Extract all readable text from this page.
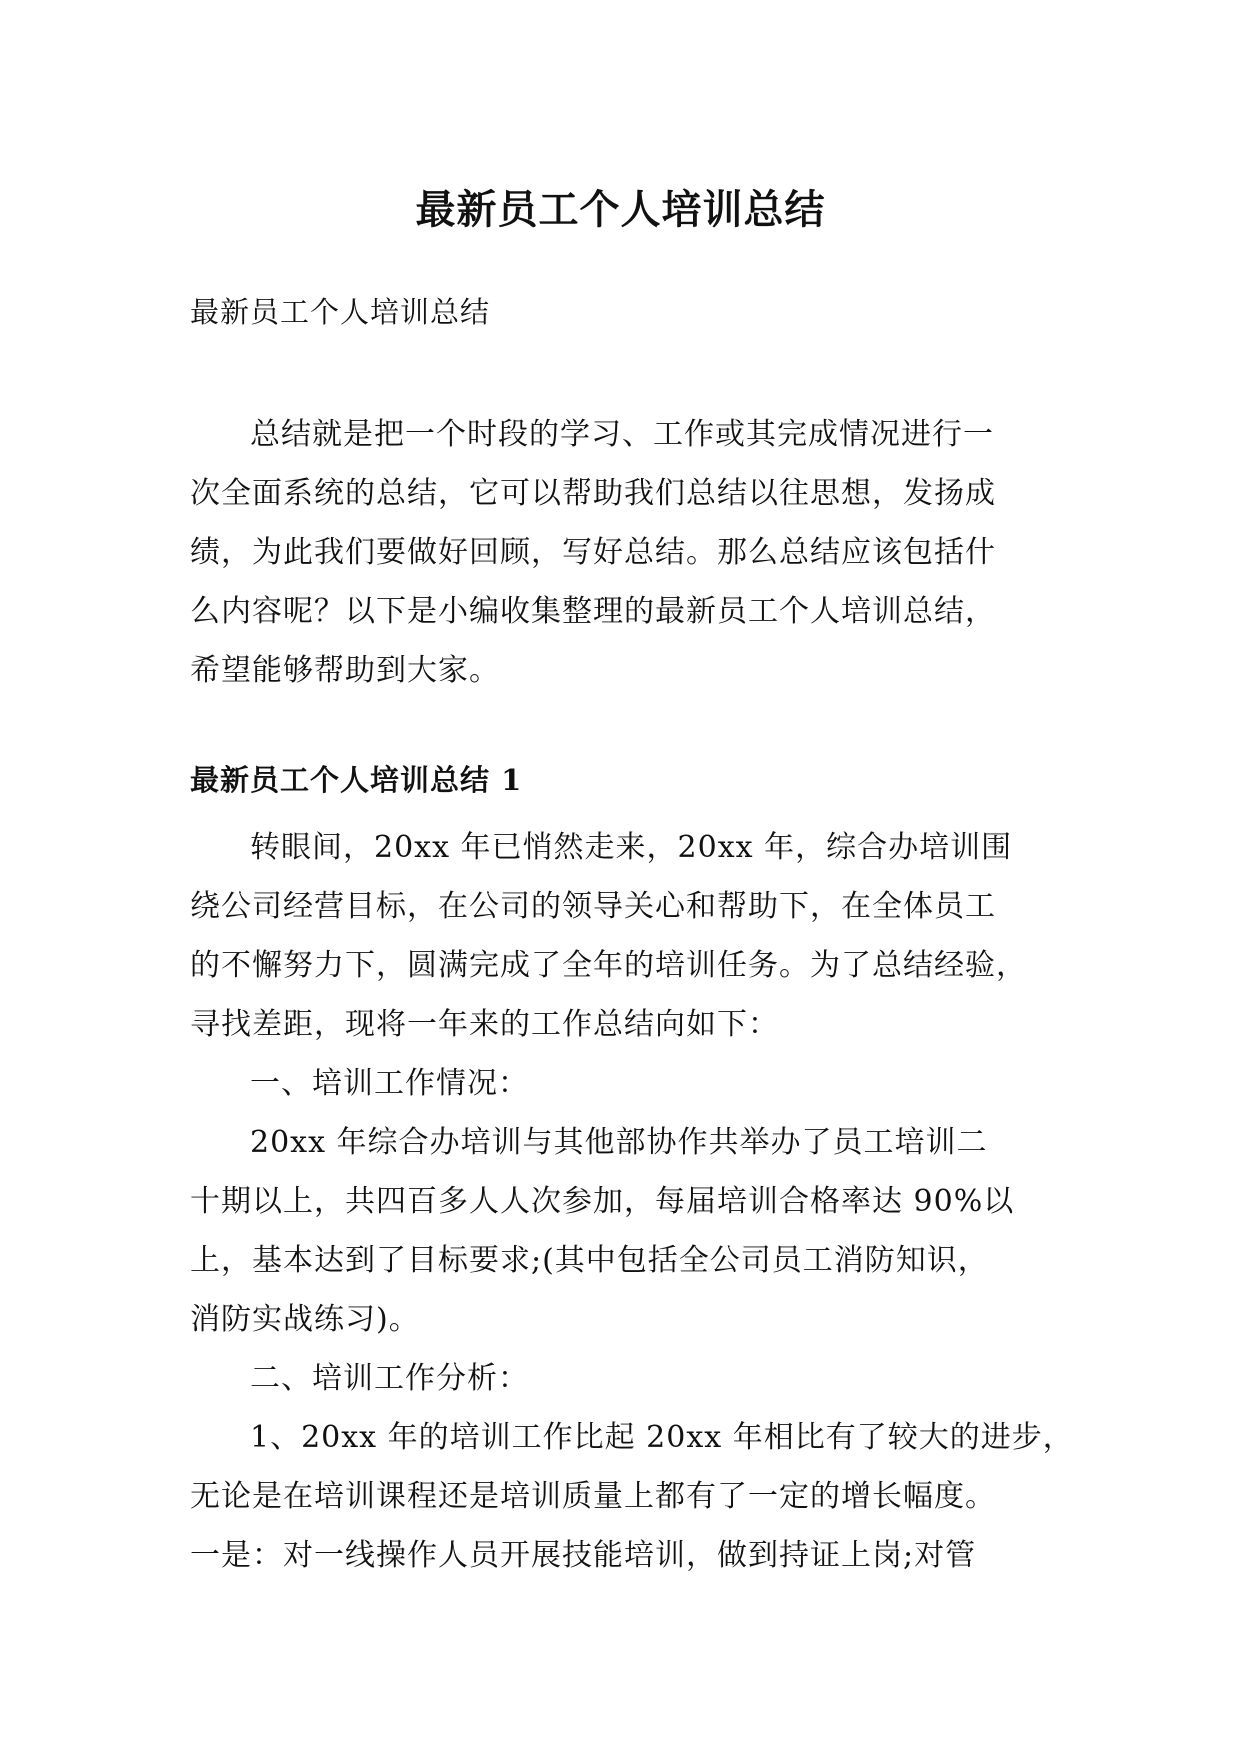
最新员工个人培训总结

最新员工个人培训总结

总结就是把一个时段的学习、工作或其完成情况进行一
次全面系统的总结，它可以帮助我们总结以往思想，发扬成
绩，为此我们要做好回顾，写好总结。那么总结应该包括什
么内容呢？以下是小编收集整理的最新员工个人培训总结，
希望能够帮助到大家。
最新员工个人培训总结 1
转眼间，20xx 年已悄然走来，20xx 年，综合办培训围
绕公司经营目标，在公司的领导关心和帮助下，在全体员工
的不懈努力下，圆满完成了全年的培训任务。为了总结经验，
寻找差距，现将一年来的工作总结向如下：
一、培训工作情况：
20xx 年综合办培训与其他部协作共举办了员工培训二
十期以上，共四百多人人次参加，每届培训合格率达 90%以
上，基本达到了目标要求;(其中包括全公司员工消防知识，
消防实战练习)。
二、培训工作分析：
1、20xx 年的培训工作比起 20xx 年相比有了较大的进步，
无论是在培训课程还是培训质量上都有了一定的增长幅度。
一是：对一线操作人员开展技能培训，做到持证上岗;对管
